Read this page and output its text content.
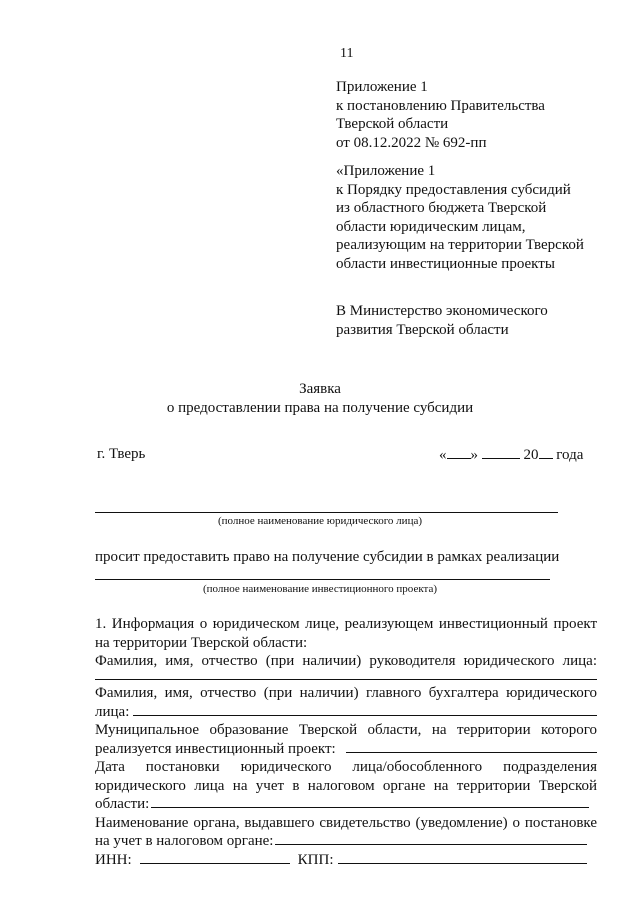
11
Приложение 1
к постановлению Правительства
Тверской области
от 08.12.2022 № 692-пп
«Приложение 1
к Порядку предоставления субсидий
из областного бюджета Тверской
области юридическим лицам,
реализующим на территории Тверской
области инвестиционные проекты
В Министерство экономического
развития Тверской области
Заявка
о предоставлении права на получение субсидии
г. Тверь	« »	20 года
(полное наименование юридического лица)
просит предоставить право на получение субсидии в рамках реализации
(полное наименование инвестиционного проекта)
1. Информация о юридическом лице, реализующем инвестиционный проект
на территории Тверской области:
Фамилия, имя, отчество (при наличии) руководителя юридического лица:
Фамилия, имя, отчество (при наличии) главного бухгалтера юридического
лица:
Муниципальное образование Тверской области, на территории которого
реализуется инвестиционный проект:
Дата постановки юридического лица/обособленного подразделения
юридического лица на учет в налоговом органе на территории Тверской
области:
Наименование органа, выдавшего свидетельство (уведомление) о постановке
на учет в налоговом органе:
ИНН:	КПП:
